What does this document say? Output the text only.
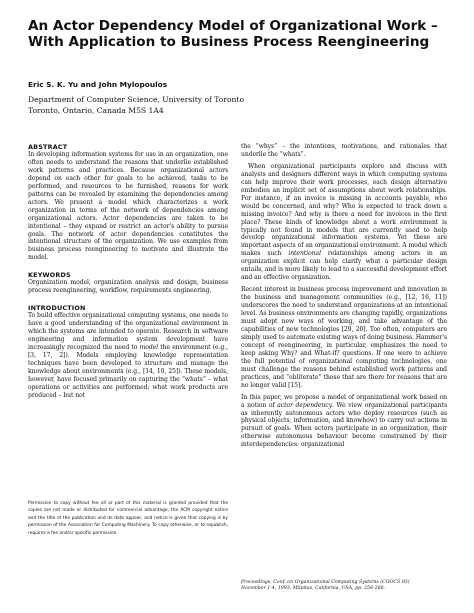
An Actor Dependency Model of Organizational Work – With Application to Business Process Reengineering
Eric S. K. Yu and John Mylopoulos
Department of Computer Science, University of Toronto
Toronto, Ontario, Canada M5S 1A4
ABSTRACT

In developing information systems for use in an organization, one often needs to understand the reasons that underlie established work patterns and practices. Because organizational actors depend on each other for goals to be achieved, tasks to be performed, and resources to be furnished, reasons for work patterns can be revealed by examining the dependencies among actors. We present a model which characterizes a work organization in terms of the network of dependencies among organizational actors. Actor dependencies are taken to be intentional – they expand or restrict an actor's ability to pursue goals. The network of actor dependencies constitutes the intentional structure of the organization. We use examples from business process reengineering to motivate and illustrate the model.

KEYWORDS

Organization model, organization analysis and design, business process reengineering, workflow, requirements engineering.

INTRODUCTION

To build effective organizational computing systems, one needs to have a good understanding of the organizational environment in which the systems are intended to operate. Research in software engineering and information system development have increasingly recognized the need to model the environment (e.g., [3, 17, 2]). Models employing knowledge representation techniques have been developed to structure and manage the knowledge about environments (e.g., [14, 10, 25]). These models, however, have focused primarily on capturing the “whats” – what operations or activities are performed; what work products are produced – but not

Permission to copy without fee all or part of this material is granted provided that the copies are not made or distributed for commercial advantage, the ACM copyright notice and the title of the publication and its date appear, and notice is given that copying is by permission of the Association for Computing Machinery. To copy otherwise, or to republish, requires a fee and/or specific permission.

the “whys” – the intentions, motivations, and rationales that underlie the “whats”.

When organizational participants explore and discuss with analysts and designers different ways in which computing systems can help improve their work processes, each design alternative embodies an implicit set of assumptions about work relationships. For instance, if an invoice is missing in accounts payable, who would be concerned, and why? Who is expected to track down a missing invoice? And why is there a need for invoices in the first place? These kinds of knowledge about a work environment is typically not found in models that are currently used to help develop organizational information systems. Yet these are important aspects of an organizational environment. A model which makes such intentional relationships among actors in an organization explicit can help clarify what a particular design entails, and is more likely to lead to a successful development effort and an effective organization.

Recent interest in business process improvement and innovation in the business and management communities (e.g., [12, 16, 11]) underscores the need to understand organizations at an intentional level. As business environments are changing rapidly, organizations must adopt new ways of working, and take advantage of the capabilities of new technologies [29, 20]. Too often, computers are simply used to automate existing ways of doing business. Hammer's concept of reengineering, in particular, emphasizes the need to keep asking Why? and What-if? questions. If one were to achieve the full potential of organizational computing technologies, one must challenge the reasons behind established work patterns and practices, and “obliterate” those that are there for reasons that are no longer valid [15].

In this paper, we propose a model of organizational work based on a notion of actor dependency. We view organizational participants as inherently autonomous actors who deploy resources (such as physical objects, information, and knowhow) to carry out actions in pursuit of goals. When actors participate in an organization, their otherwise autonomous behaviour become constrained by their interdependencies: organizational

Proceedings, Conf. on Organizational Computing Systems (COOCS 93)
November 1-4, 1993, Milpitas, California, USA, pp. 258-268.
